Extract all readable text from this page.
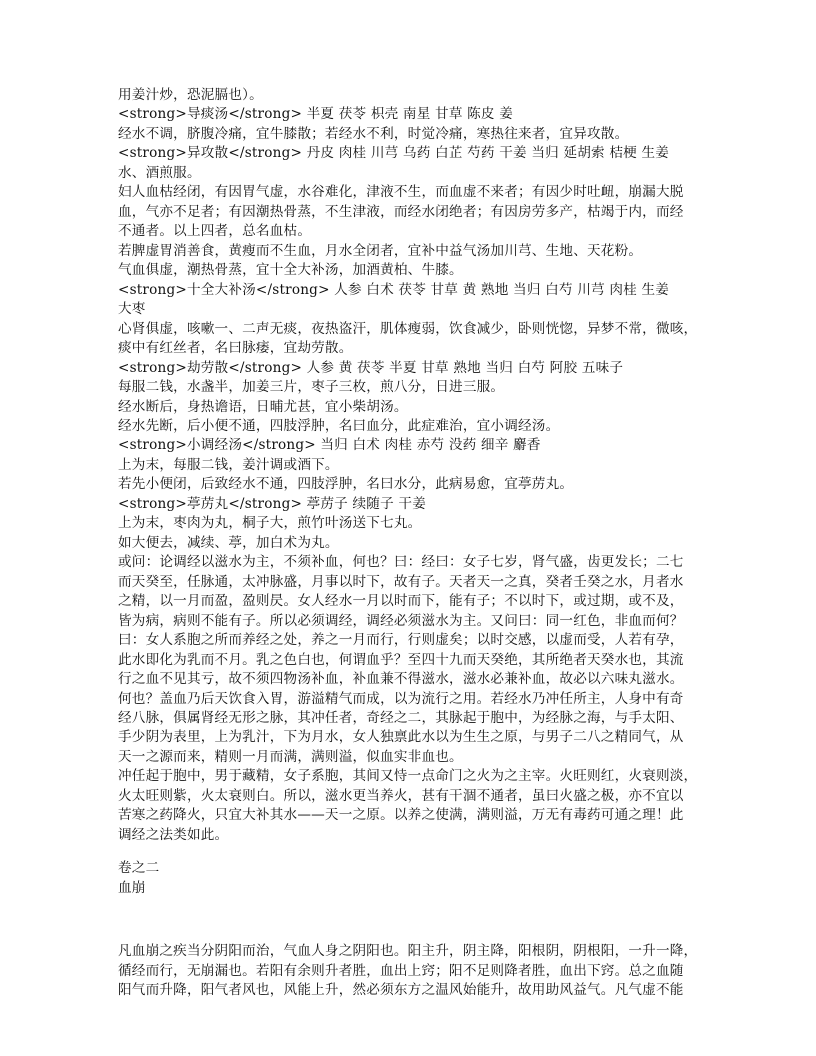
用姜汁炒，恐泥膈也）。
<strong>导痰汤</strong> 半夏 茯苓 枳壳 南星 甘草 陈皮 姜
经水不调，脐腹冷痛，宜牛膝散；若经水不利，时觉冷痛，寒热往来者，宜异攻散。
<strong>异攻散</strong> 丹皮 肉桂 川芎 乌药 白芷 芍药 干姜 当归 延胡索 桔梗 生姜
水、酒煎服。
妇人血枯经闭，有因胃气虚，水谷难化，津液不生，而血虚不来者；有因少时吐衄，崩漏大脱
血，气亦不足者；有因潮热骨蒸，不生津液，而经水闭绝者；有因房劳多产，枯竭于内，而经
不通者。以上四者，总名血枯。
若脾虚胃消善食，黄瘦而不生血，月水全闭者，宜补中益气汤加川芎、生地、天花粉。
气血俱虚，潮热骨蒸，宜十全大补汤，加酒黄柏、牛膝。
<strong>十全大补汤</strong> 人参 白术 茯苓 甘草 黄 熟地 当归 白芍 川芎 肉桂 生姜
大枣
心肾俱虚，咳嗽一、二声无痰，夜热盗汗，肌体瘦弱，饮食减少，卧则恍惚，异梦不常，微咳，
痰中有红丝者，名曰脉痿，宜劫劳散。
<strong>劫劳散</strong> 人参 黄 茯苓 半夏 甘草 熟地 当归 白芍 阿胶 五味子
每服二钱，水盏半，加姜三片，枣子三枚，煎八分，日进三服。
经水断后，身热谵语，日晡尤甚，宜小柴胡汤。
经水先断，后小便不通，四肢浮肿，名曰血分，此症难治，宜小调经汤。
<strong>小调经汤</strong> 当归 白术 肉桂 赤芍 没药 细辛 麝香
上为末，每服二钱，姜汁调或酒下。
若先小便闭，后致经水不通，四肢浮肿，名曰水分，此病易愈，宜葶苈丸。
<strong>葶苈丸</strong> 葶苈子 续随子 干姜
上为末，枣肉为丸，桐子大，煎竹叶汤送下七丸。
如大便去，减续、葶，加白术为丸。
或问：论调经以滋水为主，不须补血，何也？曰：经曰：女子七岁，肾气盛，齿更发长；二七
而天癸至，任脉通，太冲脉盛，月事以时下，故有子。天者天一之真，癸者壬癸之水，月者水
之精，以一月而盈，盈则昃。女人经水一月以时而下，能有子；不以时下，或过期，或不及，
皆为病，病则不能有子。所以必须调经，调经必须滋水为主。又问曰：同一红色，非血而何？
曰：女人系胞之所而养经之处，养之一月而行，行则虚矣；以时交感，以虚而受，人若有孕，
此水即化为乳而不月。乳之色白也，何谓血乎？至四十九而天癸绝，其所绝者天癸水也，其流
行之血不见其亏，故不须四物汤补血，补血兼不得滋水，滋水必兼补血，故必以六味丸滋水。
何也？盖血乃后天饮食入胃，游溢精气而成，以为流行之用。若经水乃冲任所主，人身中有奇
经八脉，俱属肾经无形之脉，其冲任者，奇经之二，其脉起于胞中，为经脉之海，与手太阳、
手少阴为表里，上为乳汁，下为月水，女人独禀此水以为生生之原，与男子二八之精同气，从
天一之源而来，精则一月而满，满则溢，似血实非血也。
冲任起于胞中，男于藏精，女子系胞，其间又恃一点命门之火为之主宰。火旺则红，火衰则淡，
火太旺则紫，火太衰则白。所以，滋水更当养火，甚有干涸不通者，虽曰火盛之极，亦不宜以
苦寒之药降火，只宜大补其水——天一之原。以养之使满，满则溢，万无有毒药可通之理！此
调经之法类如此。
卷之二
血崩
凡血崩之疾当分阴阳而治，气血人身之阴阳也。阳主升，阴主降，阳根阴，阴根阳，一升一降，
循经而行，无崩漏也。若阳有余则升者胜，血出上窍；阳不足则降者胜，血出下窍。总之血随
阳气而升降，阳气者风也，风能上升，然必须东方之温风始能升，故用助风益气。凡气虚不能
